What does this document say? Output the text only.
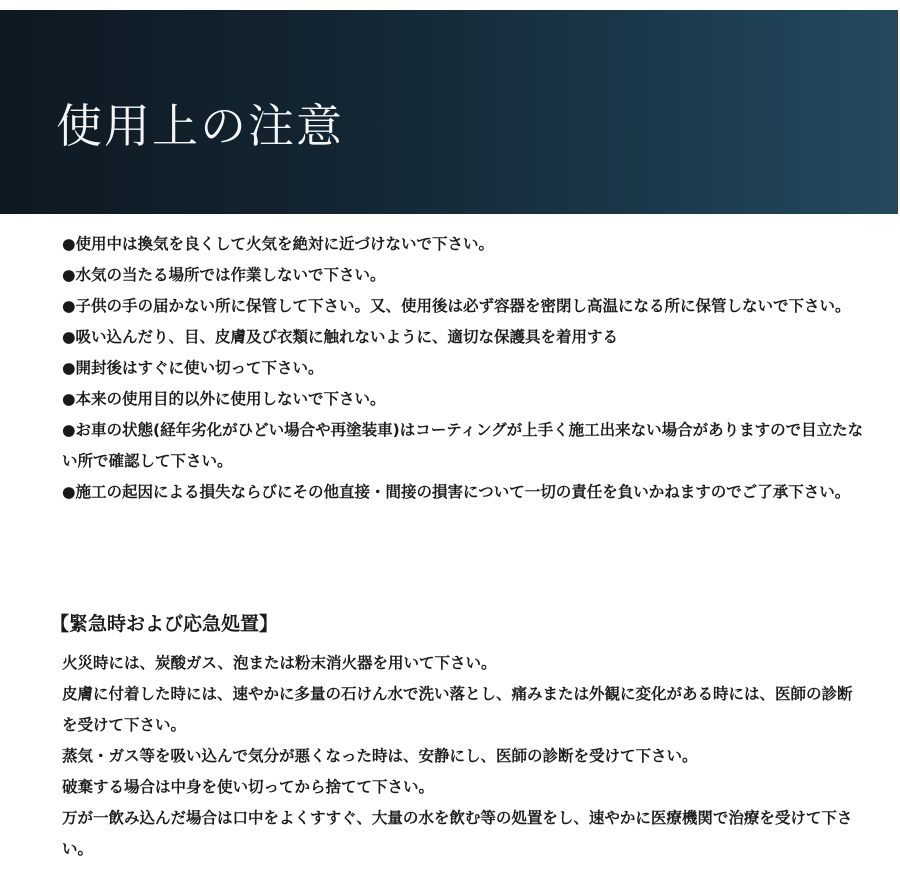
使用上の注意
●使用中は換気を良くして火気を絶対に近づけないで下さい。
●水気の当たる場所では作業しないで下さい。
●子供の手の届かない所に保管して下さい。又、使用後は必ず容器を密閉し高温になる所に保管しないで下さい。
●吸い込んだり、目、皮膚及び衣類に触れないように、適切な保護具を着用する
●開封後はすぐに使い切って下さい。
●本来の使用目的以外に使用しないで下さい。
●お車の状態(経年劣化がひどい場合や再塗装車)はコーティングが上手く施工出来ない場合がありますので目立たない所で確認して下さい。
●施工の起因による損失ならびにその他直接・間接の損害について一切の責任を負いかねますのでご了承下さい。
【緊急時および応急処置】
火災時には、炭酸ガス、泡または粉末消火器を用いて下さい。
皮膚に付着した時には、速やかに多量の石けん水で洗い落とし、痛みまたは外観に変化がある時には、医師の診断を受けて下さい。
蒸気・ガス等を吸い込んで気分が悪くなった時は、安静にし、医師の診断を受けて下さい。
破棄する場合は中身を使い切ってから捨てて下さい。
万が一飲み込んだ場合は口中をよくすすぐ、大量の水を飲む等の処置をし、速やかに医療機関で治療を受けて下さい。
